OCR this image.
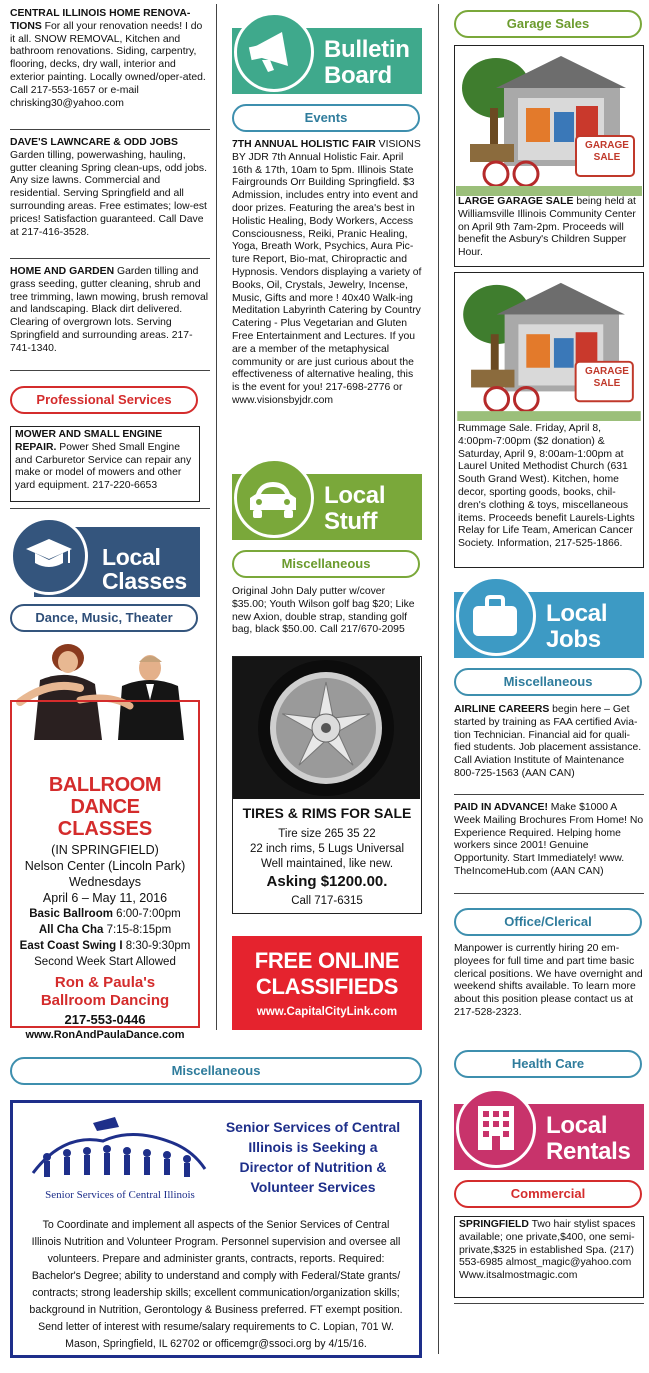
CENTRAL ILLINOIS HOME RENOVA-TIONS For all your renovation needs! I do it all. SNOW REMOVAL, Kitchen and bathroom renovations. Siding, carpentry, flooring, decks, dry wall, interior and exterior painting. Locally owned/oper-ated. Call 217-553-1657 or e-mail chrisking30@yahoo.com
DAVE'S LAWNCARE & ODD JOBS
Garden tilling, powerwashing, hauling, gutter cleaning Spring clean-ups, odd jobs. Any size lawns. Commercial and residential. Serving Springfield and all surrounding areas. Free estimates; low-est prices! Satisfaction guaranteed. Call Dave at 217-416-3528.
HOME AND GARDEN Garden tilling and grass seeding, gutter cleaning, shrub and tree trimming, lawn mowing, brush removal and landscaping. Black dirt delivered. Clearing of overgrown lots. Serving Springfield and surrounding areas. 217-741-1340.
Professional Services
MOWER AND SMALL ENGINE REPAIR. Power Shed Small Engine and Carburetor Service can repair any make or model of mowers and other yard equipment. 217-220-6653
Local
Classes
Dance, Music, Theater
BALLROOM DANCE
CLASSES
(IN SPRINGFIELD)
Nelson Center (Lincoln Park)
Wednesdays
April 6 – May 11, 2016
Basic Ballroom 6:00-7:00pm
All Cha Cha 7:15-8:15pm
East Coast Swing I 8:30-9:30pm
Second Week Start Allowed
Ron & Paula's
Ballroom Dancing
217-553-0446
www.RonAndPaulaDance.com
Bulletin
Board
Events
7TH ANNUAL HOLISTIC FAIR VISIONS BY JDR 7th Annual Holistic Fair. April 16th & 17th, 10am to 5pm. Illinois State Fairgrounds Orr Building Springfield. $3 Admission, includes entry into event and door prizes. Featuring the area's best in Holistic Healing, Body Workers, Access Consciousness, Reiki, Pranic Healing, Yoga, Breath Work, Psychics, Aura Pic-ture Report, Bio-mat, Chiropractic and Hypnosis. Vendors displaying a variety of Books, Oil, Crystals, Jewelry, Incense, Music, Gifts and more ! 40x40 Walk-ing Meditation Labyrinth Catering by Country Catering - Plus Vegetarian and Gluten Free Entertainment and Lectures. If you are a member of the metaphysical community or are just curious about the effectiveness of alternative healing, this is the event for you! 217-698-2776 or www.visionsbyjdr.com
Local
Stuff
Miscellaneous
Original John Daly putter w/cover $35.00; Youth Wilson golf bag $20; Like new Axion, double strap, standing golf bag, black $50.00. Call 217/670-2095
TIRES & RIMS FOR SALE
Tire size 265 35 22
22 inch rims, 5 Lugs Universal
Well maintained, like new.
Asking $1200.00.
Call 717-6315
FREE ONLINE
CLASSIFIEDS
www.CapitalCityLink.com
Garage Sales
GARAGE SALE
LARGE GARAGE SALE being held at Williamsville Illinois Community Center on April 9th 7am-2pm. Proceeds will benefit the Asbury's Children Supper Hour.
GARAGE SALE
Rummage Sale. Friday, April 8, 4:00pm-7:00pm ($2 donation) & Saturday, April 9, 8:00am-1:00pm at Laurel United Methodist Church (631 South Grand West). Kitchen, home decor, sporting goods, books, chil-dren's clothing & toys, miscellaneous items. Proceeds benefit Laurels-Lights Relay for Life Team, American Cancer Society. Information, 217-525-1866.
Local
Jobs
Miscellaneous
AIRLINE CAREERS begin here – Get started by training as FAA certified Avia-tion Technician. Financial aid for quali-fied students. Job placement assistance. Call Aviation Institute of Maintenance 800-725-1563 (AAN CAN)
PAID IN ADVANCE! Make $1000 A Week Mailing Brochures From Home! No Experience Required. Helping home workers since 2001! Genuine Opportunity. Start Immediately! www. TheIncomeHub.com (AAN CAN)
Office/Clerical
Manpower is currently hiring 20 em-ployees for full time and part time basic clerical positions. We have overnight and weekend shifts available. To learn more about this position please contact us at 217-528-2323.
Health Care
Local
Rentals
Commercial
SPRINGFIELD Two hair stylist spaces available; one private,$400, one semi-private,$325 in established Spa. (217) 553-6985 almost_magic@yahoo.com Www.itsalmostmagic.com
Miscellaneous
Senior Services of Central Illinois
Senior Services of Central
Illinois is Seeking a
Director of Nutrition &
Volunteer Services
To Coordinate and implement all aspects of the Senior Services of Central Illinois Nutrition and Volunteer Program. Personnel supervision and oversee all volunteers. Prepare and administer grants, contracts, reports. Required: Bachelor's Degree; ability to understand and comply with Federal/State grants/ contracts; strong leadership skills; excellent communication/organization skills; background in Nutrition, Gerontology & Business preferred. FT exempt position. Send letter of interest with resume/salary requirements to C. Lopian, 701 W. Mason, Springfield, IL 62702 or officemgr@ssoci.org by 4/15/16.
